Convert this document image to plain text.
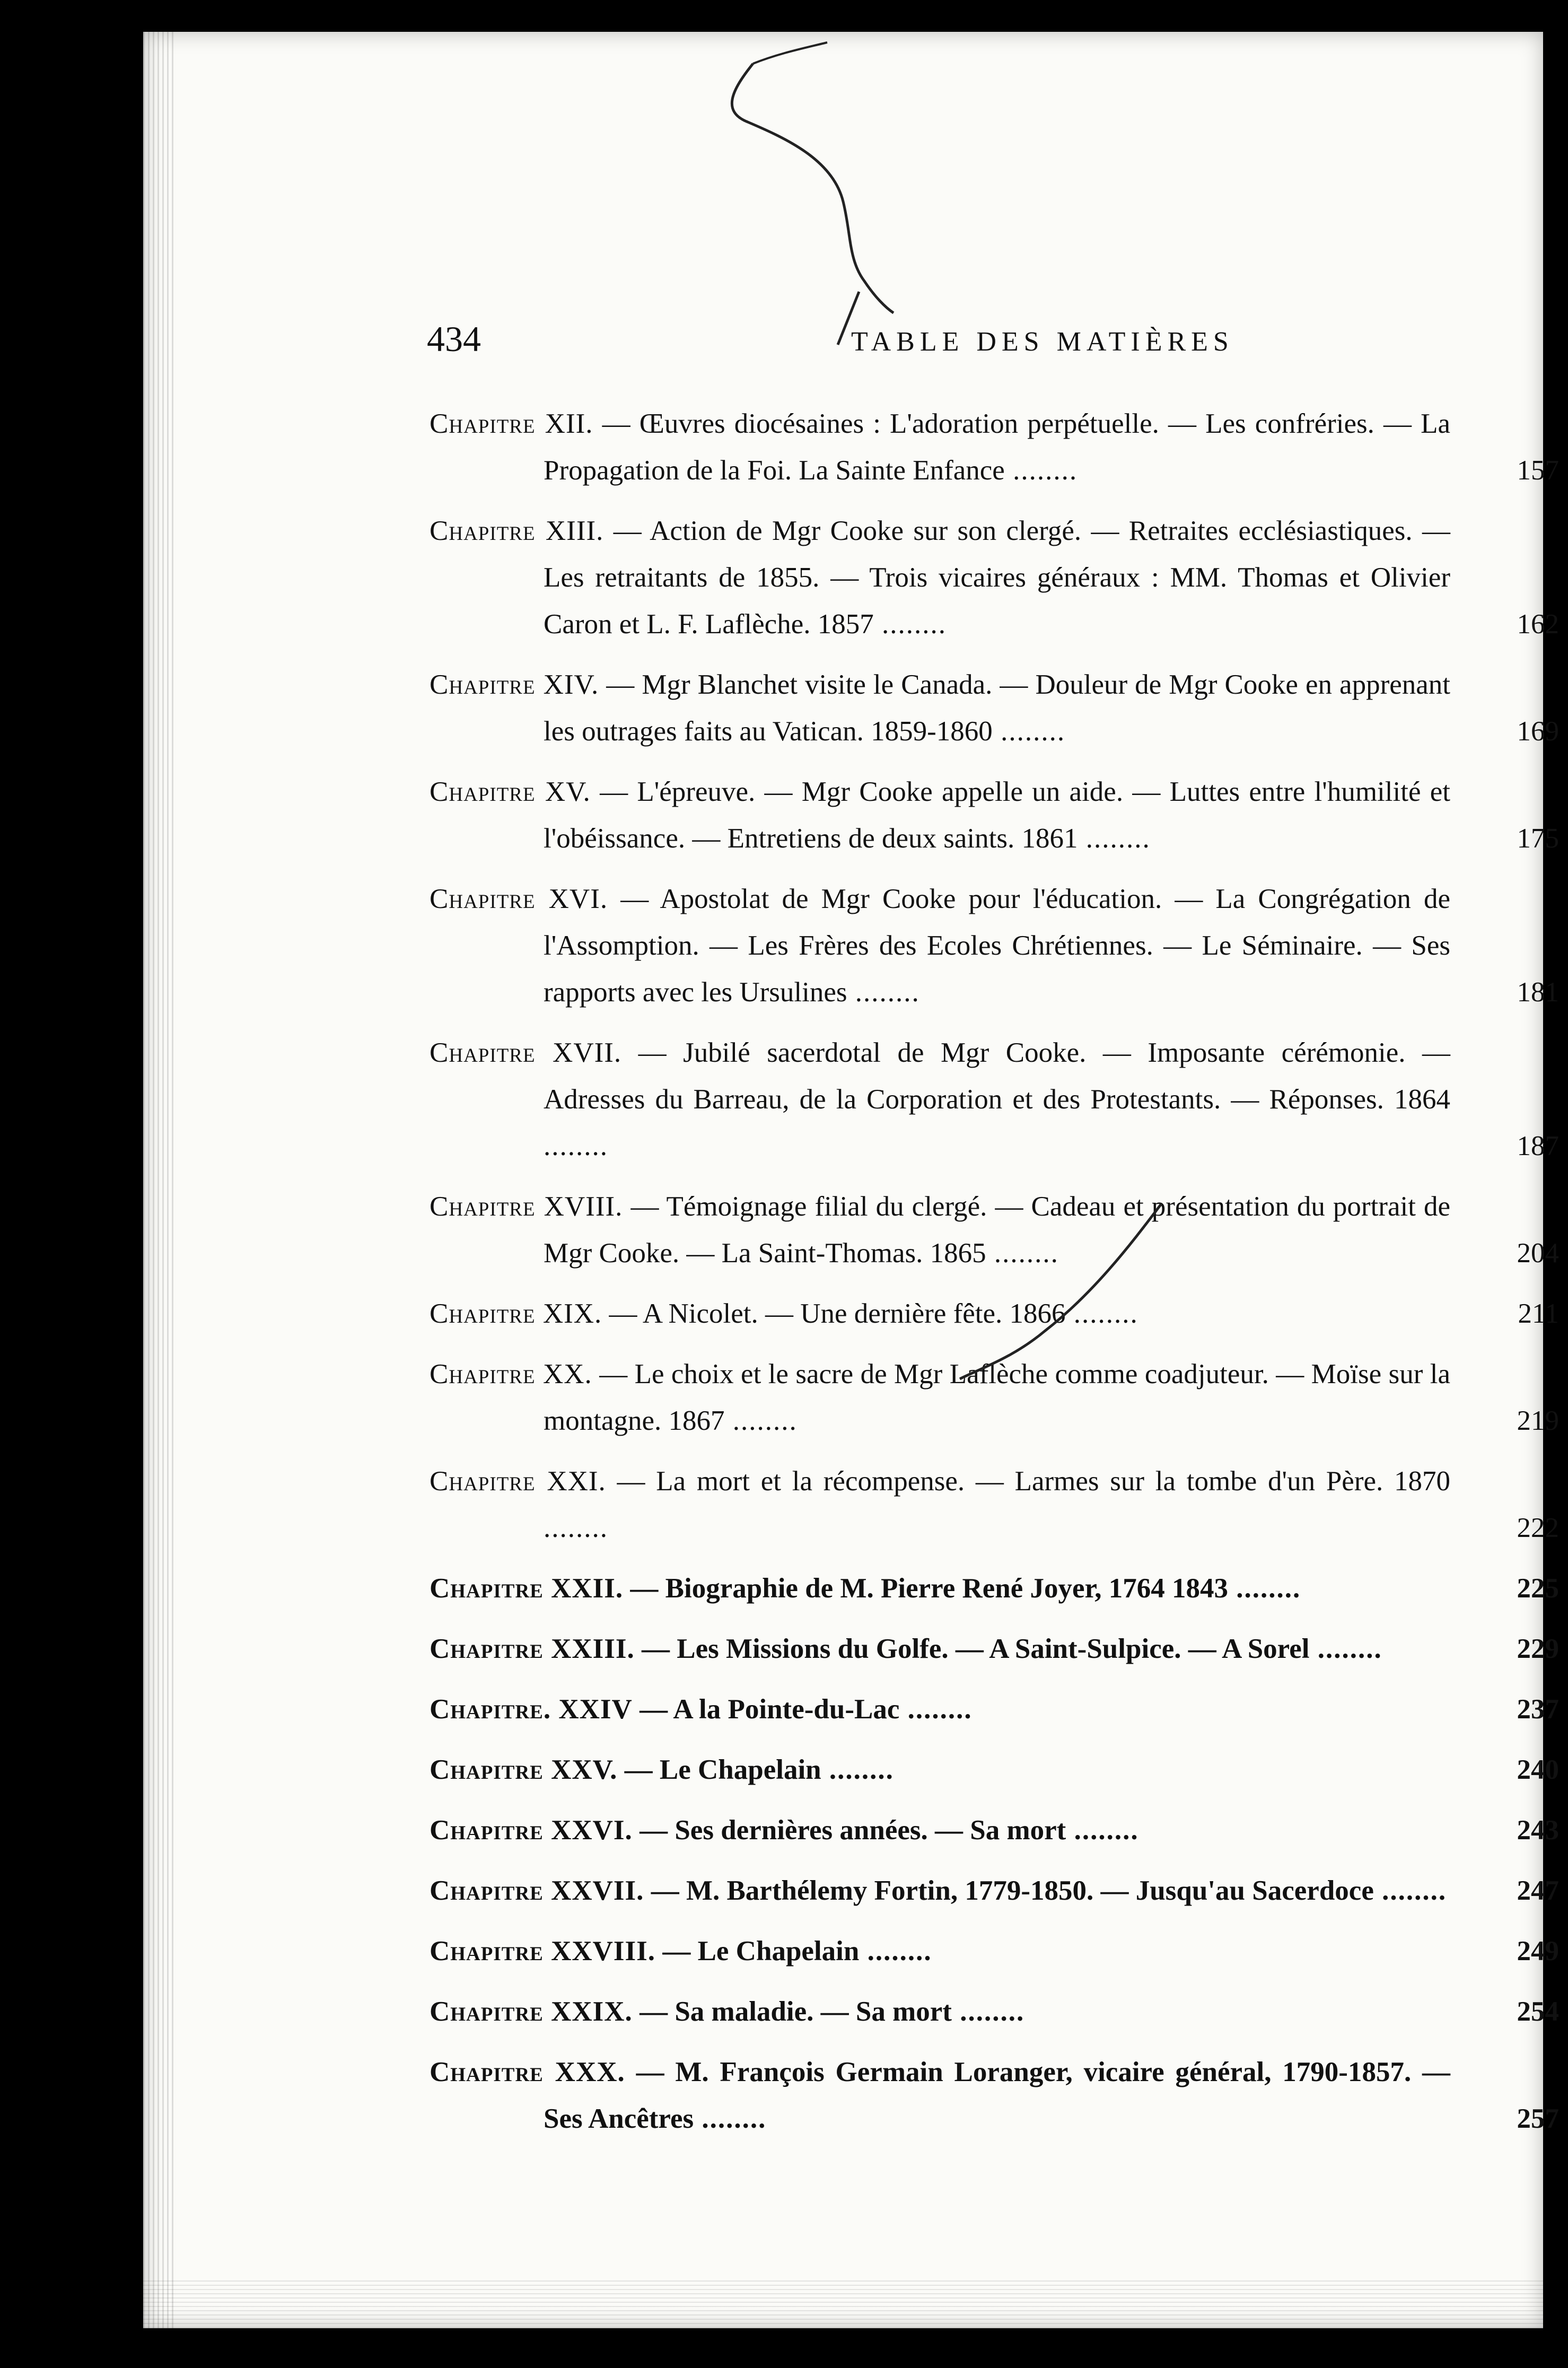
434	TABLE DES MATIÈRES
Chapitre XII. — Œuvres diocésaines : L'adoration perpétuelle. — Les confréries. — La Propagation de la Foi. La Sainte Enfance ........	157
Chapitre XIII. — Action de Mgr Cooke sur son clergé. — Retraites ecclésiastiques. — Les retraitants de 1855. — Trois vicaires généraux : MM. Thomas et Olivier Caron et L. F. Laflèche. 1857 ........	162
Chapitre XIV. — Mgr Blanchet visite le Canada. — Douleur de Mgr Cooke en apprenant les outrages faits au Vatican. 1859-1860 ........	169
Chapitre XV. — L'épreuve. — Mgr Cooke appelle un aide. — Luttes entre l'humilité et l'obéissance. — Entretiens de deux saints. 1861 ........	175
Chapitre XVI. — Apostolat de Mgr Cooke pour l'éducation. — La Congrégation de l'Assomption. — Les Frères des Ecoles Chrétiennes. — Le Séminaire. — Ses rapports avec les Ursulines ........	181
Chapitre XVII. — Jubilé sacerdotal de Mgr Cooke. — Imposante cérémonie. — Adresses du Barreau, de la Corporation et des Protestants. — Réponses. 1864 ........	187
Chapitre XVIII. — Témoignage filial du clergé. — Cadeau et présentation du portrait de Mgr Cooke. — La Saint-Thomas. 1865 ........	204
Chapitre XIX. — A Nicolet. — Une dernière fête. 1866 ........	211
Chapitre XX. — Le choix et le sacre de Mgr Laflèche comme coadjuteur. — Moïse sur la montagne. 1867 ........	219
Chapitre XXI. — La mort et la récompense. — Larmes sur la tombe d'un Père. 1870 ........	222
Chapitre XXII. — Biographie de M. Pierre René Joyer, 1764 1843 ........	225
Chapitre XXIII. — Les Missions du Golfe. — A Saint-Sulpice. — A Sorel ........	229
Chapitre. XXIV — A la Pointe-du-Lac ........	237
Chapitre XXV. — Le Chapelain ........	240
Chapitre XXVI. — Ses dernières années. — Sa mort ........	243
Chapitre XXVII. — M. Barthélemy Fortin, 1779-1850. — Jusqu'au Sacerdoce ........	247
Chapitre XXVIII. — Le Chapelain ........	249
Chapitre XXIX. — Sa maladie. — Sa mort ........	254
Chapitre XXX. — M. François Germain Loranger, vicaire général, 1790-1857. — Ses Ancêtres ........	257
